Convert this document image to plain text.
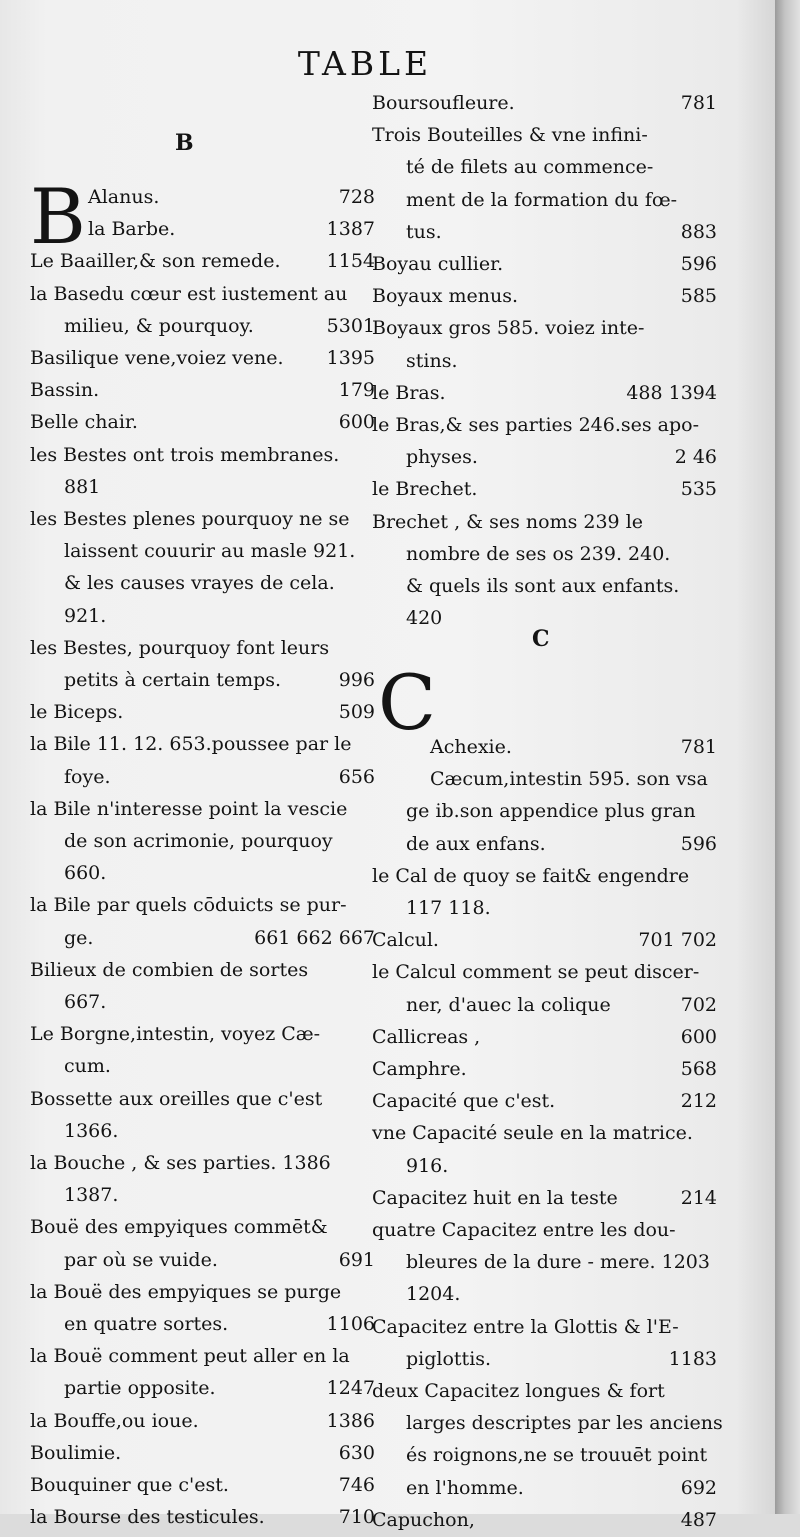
TABLE
Alanus.	728
la Barbe.	1387
Le Baailler,& son remede. 1154
la Basedu cœur est iustement au
milieu, & pourquoy.	5301
Basilique vene,voiez vene. 1395
Bassin.	179
Belle chair.	600
les Bestes ont trois membranes.
881
les Bestes plenes pourquoy ne se
laissent couurir au masle 921.
& les causes vrayes de cela.
921.
les Bestes, pourquoy font leurs
petits à certain temps.	996
le Biceps.	509
la Bile 11. 12. 653.poussee par le
foye.	656
la Bile n'interesse point la vescie
de son acrimonie, pourquoy
660.
la Bile par quels cōduicts se pur-
ge.	661 662 667
Bilieux de combien de sortes
667.
Le Borgne,intestin, voyez Cæ-
cum.
Bossette aux oreilles que c'est
1366.
la Bouche , & ses parties. 1386
1387.
Bouë des empyiques commēt&
par où se vuide.	691
la Bouë des empyiques se purge
en quatre sortes.	1106
la Bouë comment peut aller en la
partie opposite.	1247
la Bouffe,ou ioue.	1386
Boulimie.	630
Bouquiner que c'est.	746
la Bourse des testicules.	710
B
B
Boursoufleure.	781
Trois Bouteilles & vne infini-
té de filets au commence-
ment de la formation du fœ-
tus.	883
Boyau cullier.	596
Boyaux menus.	585
Boyaux gros 585. voiez inte-
stins.
le Bras.	488 1394
le Bras,& ses parties 246.ses apo-
physes.	2 46
le Brechet.	535
Brechet , & ses noms 239 le
nombre de ses os 239. 240.
& quels ils sont aux enfants.
420
Achexie.	781
Cæcum,intestin 595. son vsa
ge ib.son appendice plus gran
de aux enfans.	596
le Cal de quoy se fait& engendre
117 118.
Calcul.	701 702
le Calcul comment se peut discer-
ner, d'auec la colique	702
Callicreas ,	600
Camphre.	568
Capacité que c'est.	212
vne Capacité seule en la matrice.
916.
Capacitez huit en la teste	214
quatre Capacitez entre les dou-
bleures de la dure - mere. 1203
1204.
Capacitez entre la Glottis & l'E-
piglottis.	1183
deux Capacitez longues & fort
larges descriptes par les anciens
és roignons,ne se trouuēt point
en l'homme.	692
Capuchon,	487
C
C
